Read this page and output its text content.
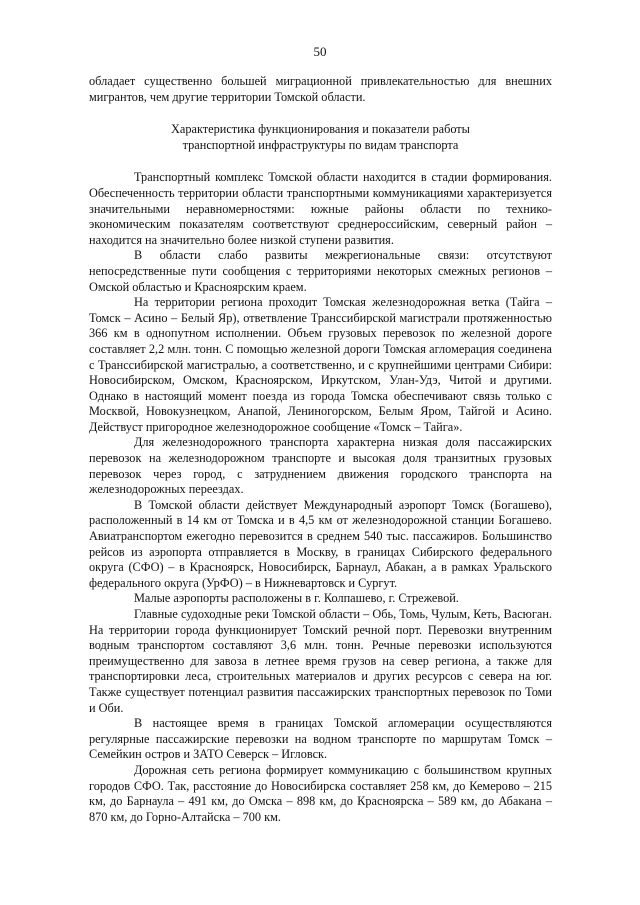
50

обладает существенно большей миграционной привлекательностью для внешних мигрантов, чем другие территории Томской области.

Характеристика функционирования и показатели работы
транспортной инфраструктуры по видам транспорта

Транспортный комплекс Томской области находится в стадии формирования. Обеспеченность территории области транспортными коммуникациями характеризуется значительными неравномерностями: южные районы области по технико-экономическим показателям соответствуют среднероссийским, северный район – находится на значительно более низкой ступени развития.

В области слабо развиты межрегиональные связи: отсутствуют непосредственные пути сообщения с территориями некоторых смежных регионов – Омской областью и Красноярским краем.

На территории региона проходит Томская железнодорожная ветка (Тайга – Томск – Асино – Белый Яр), ответвление Транссибирской магистрали протяженностью 366 км в однопутном исполнении. Объем грузовых перевозок по железной дороге составляет 2,2 млн. тонн. С помощью железной дороги Томская агломерация соединена с Транссибирской магистралью, а соответственно, и с крупнейшими центрами Сибири: Новосибирском, Омском, Красноярском, Иркутском, Улан-Удэ, Читой и другими. Однако в настоящий момент поезда из города Томска обеспечивают связь только с Москвой, Новокузнецком, Анапой, Лениногорском, Белым Яром, Тайгой и Асино. Действуст пригородное железнодорожное сообщение «Томск – Тайга».

Для железнодорожного транспорта характерна низкая доля пассажирских перевозок на железнодорожном транспорте и высокая доля транзитных грузовых перевозок через город, с затруднением движения городского транспорта на железнодорожных переездах.

В Томской области действует Международный аэропорт Томск (Богашево), расположенный в 14 км от Томска и в 4,5 км от железнодорожной станции Богашево. Авиатранспортом ежегодно перевозится в среднем 540 тыс. пассажиров. Большинство рейсов из аэропорта отправляется в Москву, в границах Сибирского федерального округа (СФО) – в Красноярск, Новосибирск, Барнаул, Абакан, а в рамках Уральского федерального округа (УрФО) – в Нижневартовск и Сургут.

Малые аэропорты расположены в г. Колпашево, г. Стрежевой.

Главные судоходные реки Томской области – Обь, Томь, Чулым, Кеть, Васюган. На территории города функционирует Томский речной порт. Перевозки внутренним водным транспортом составляют 3,6 млн. тонн. Речные перевозки используются преимущественно для завоза в летнее время грузов на север региона, а также для транспортировки леса, строительных материалов и других ресурсов с севера на юг. Также существует потенциал развития пассажирских транспортных перевозок по Томи и Оби.

В настоящее время в границах Томской агломерации осуществляются регулярные пассажирские перевозки на водном транспорте по маршрутам Томск – Семейкин остров и ЗАТО Северск – Игловск.

Дорожная сеть региона формирует коммуникацию с большинством крупных городов СФО. Так, расстояние до Новосибирска составляет 258 км, до Кемерово – 215 км, до Барнаула – 491 км, до Омска – 898 км, до Красноярска – 589 км, до Абакана – 870 км, до Горно-Алтайска – 700 км.
